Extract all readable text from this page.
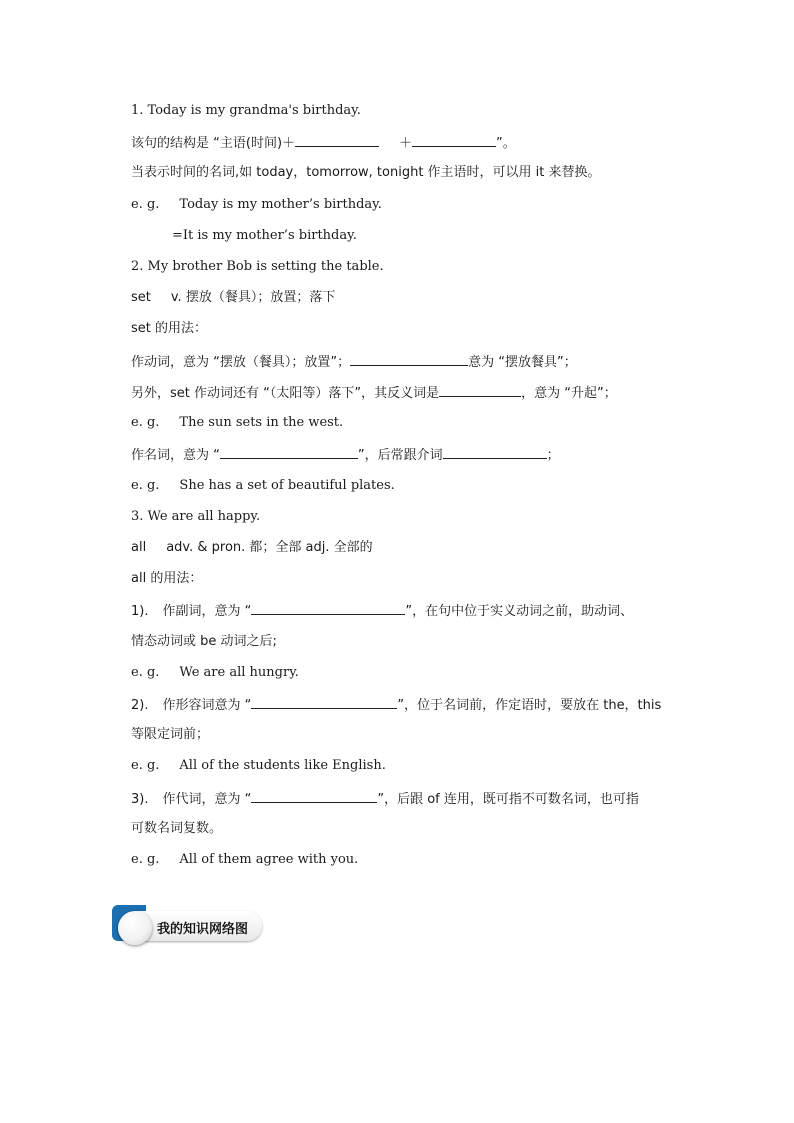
1. Today is my grandma's birthday.
该句的结构是 “主语(时间)＋	＋	”。
当表示时间的名词,如 today，tomorrow, tonight 作主语时，可以用 it 来替换。
e. g. Today is my mother’s birthday.
=It is my mother’s birthday.
2. My brother Bob is setting the table.
set v. 摆放（餐具）；放置；落下
set 的用法：
作动词，意为 “摆放（餐具）；放置”；	意为 “摆放餐具”；
另外，set 作动词还有 “（太阳等）落下”，其反义词是	，意为 “升起”；
e. g. The sun sets in the west.
作名词，意为 “	”，后常跟介词	；
e. g. She has a set of beautiful plates.
3. We are all happy.
all adv. & pron. 都；全部 adj. 全部的
all 的用法：
1). 作副词，意为 “	”，在句中位于实义动词之前，助动词、
情态动词或 be 动词之后;
e. g. We are all hungry.
2). 作形容词意为 “	”，位于名词前，作定语时，要放在 the，this
等限定词前；
e. g. All of the students like English.
3). 作代词，意为 “	”，后跟 of 连用，既可指不可数名词，也可指
可数名词复数。
e. g. All of them agree with you.
我的知识网络图
